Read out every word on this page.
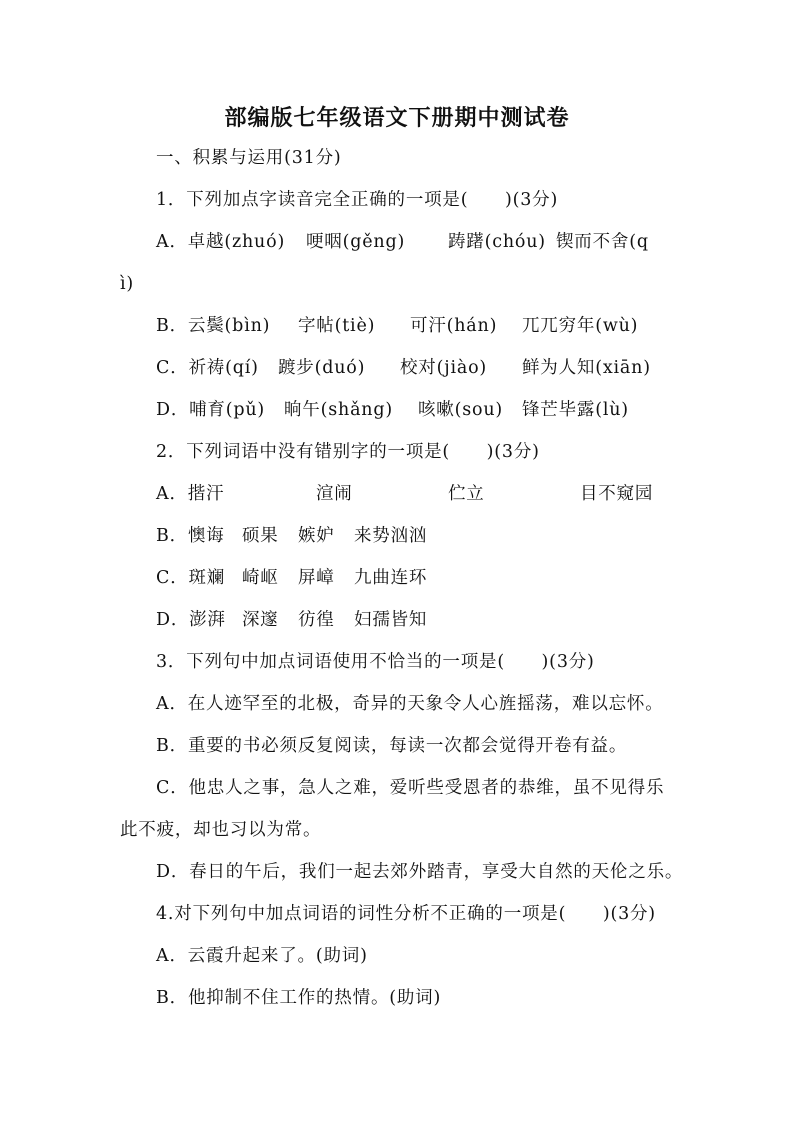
部编版七年级语文下册期中测试卷
一、积累与运用(31分)
1．下列加点字读音完全正确的一项是(　　)(3分)
A．卓越(zhuó) 哽咽(gěng) 踌躇(chóu) 锲而不舍(q
ì)
B．云鬓(bìn) 字帖(tiè) 可汗(hán) 兀兀穷年(wù)
C．祈祷(qí) 踱步(duó) 校对(jiào) 鲜为人知(xiān)
D．哺育(pǔ) 晌午(shǎng) 咳嗽(sou) 锋芒毕露(lù)
2．下列词语中没有错别字的一项是(　　)(3分)
A．揩汗	渲闹	伫立	目不窥园
B．懊诲 硕果 嫉妒 来势汹汹
C．斑斓 崎岖 屏嶂 九曲连环
D．澎湃 深邃 彷徨 妇孺皆知
3．下列句中加点词语使用不恰当的一项是(　　)(3分)
A．在人迹罕至的北极，奇异的天象令人心旌摇荡，难以忘怀。
B．重要的书必须反复阅读，每读一次都会觉得开卷有益。
C．他忠人之事，急人之难，爱听些受恩者的恭维，虽不见得乐
此不疲，却也习以为常。
D．春日的午后，我们一起去郊外踏青，享受大自然的天伦之乐。
4.对下列句中加点词语的词性分析不正确的一项是(　　)(3分)
A．云霞升起来了。(助词)
B．他抑制不住工作的热情。(助词)
